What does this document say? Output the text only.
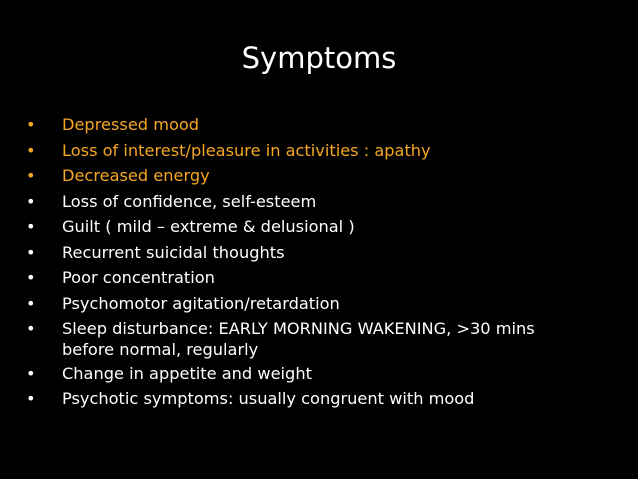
Symptoms
•	Depressed mood
•	Loss of interest/pleasure in activities : apathy
•	Decreased energy
•	Loss of confidence, self-esteem
•	Guilt ( mild – extreme & delusional )
•	Recurrent suicidal thoughts
•	Poor concentration
•	Psychomotor agitation/retardation
•	Sleep disturbance: EARLY MORNING WAKENING, >30 mins
before normal, regularly
•	Change in appetite and weight
•	Psychotic symptoms: usually congruent with mood
